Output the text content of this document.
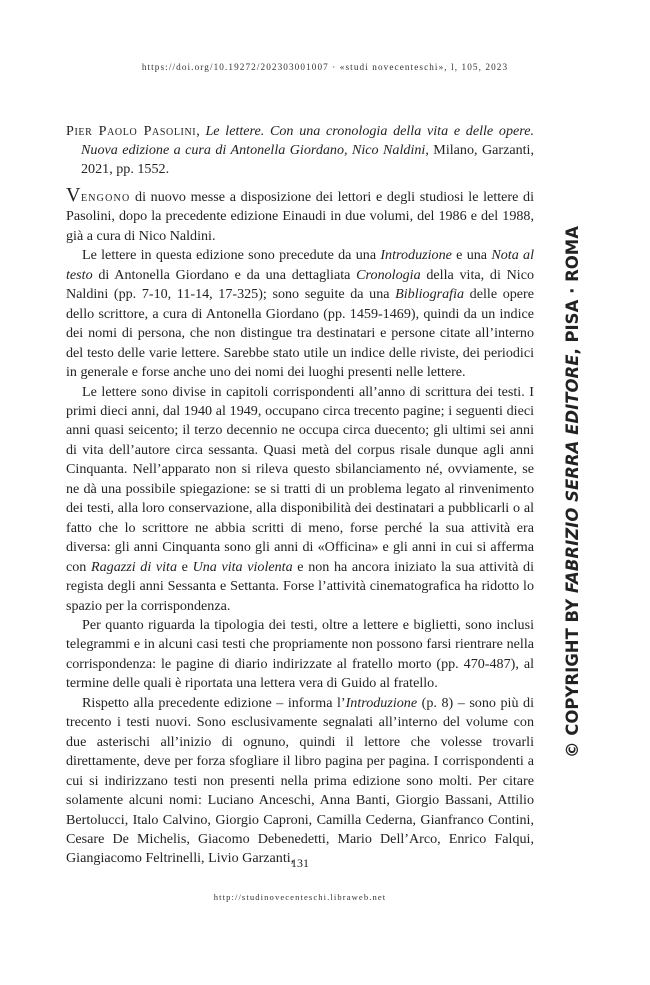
https://doi.org/10.19272/202303001007 · «studi novecenteschi», l, 105, 2023
Pier Paolo Pasolini, Le lettere. Con una cronologia della vita e delle opere. Nuova edizione a cura di Antonella Giordano, Nico Naldini, Milano, Garzanti, 2021, pp. 1552.

Vengono di nuovo messe a disposizione dei lettori e degli studiosi le lettere di Pasolini, dopo la precedente edizione Einaudi in due volumi, del 1986 e del 1988, già a cura di Nico Naldini.

Le lettere in questa edizione sono precedute da una Introduzione e una Nota al testo di Antonella Giordano e da una dettagliata Cronologia della vita, di Nico Naldini (pp. 7-10, 11-14, 17-325); sono seguite da una Bibliografia delle opere dello scrittore, a cura di Antonella Giordano (pp. 1459-1469), quindi da un indice dei nomi di persona, che non distingue tra destinatari e persone citate all’interno del testo delle varie lettere. Sarebbe stato utile un indice delle riviste, dei periodici in generale e forse anche uno dei nomi dei luoghi presenti nelle lettere.

Le lettere sono divise in capitoli corrispondenti all’anno di scrittura dei testi. I primi dieci anni, dal 1940 al 1949, occupano circa trecento pagine; i seguenti dieci anni quasi seicento; il terzo decennio ne occupa circa duecento; gli ultimi sei anni di vita dell’autore circa sessanta. Quasi metà del corpus risale dunque agli anni Cinquanta. Nell’apparato non si rileva questo sbilanciamento né, ovviamente, se ne dà una possibile spiegazione: se si tratti di un problema legato al rinvenimento dei testi, alla loro conservazione, alla disponibilità dei destinatari a pubblicarli o al fatto che lo scrittore ne abbia scritti di meno, forse perché la sua attività era diversa: gli anni Cinquanta sono gli anni di «Officina» e gli anni in cui si afferma con Ragazzi di vita e Una vita violenta e non ha ancora iniziato la sua attività di regista degli anni Sessanta e Settanta. Forse l’attività cinematografica ha ridotto lo spazio per la corrispondenza.

Per quanto riguarda la tipologia dei testi, oltre a lettere e biglietti, sono inclusi telegrammi e in alcuni casi testi che propriamente non possono farsi rientrare nella corrispondenza: le pagine di diario indirizzate al fratello morto (pp. 470-487), al termine delle quali è riportata una lettera vera di Guido al fratello.

Rispetto alla precedente edizione – informa l’Introduzione (p. 8) – sono più di trecento i testi nuovi. Sono esclusivamente segnalati all’interno del volume con due asterischi all’inizio di ognuno, quindi il lettore che volesse trovarli direttamente, deve per forza sfogliare il libro pagina per pagina. I corrispondenti a cui si indirizzano testi non presenti nella prima edizione sono molti. Per citare solamente alcuni nomi: Luciano Anceschi, Anna Banti, Giorgio Bassani, Attilio Bertolucci, Italo Calvino, Giorgio Caproni, Camilla Cederna, Gianfranco Contini, Cesare De Michelis, Giacomo Debenedetti, Mario Dell’Arco, Enrico Falqui, Giangiacomo Feltrinelli, Livio Garzanti,

131
http://studinovecenteschi.libraweb.net
© COPYRIGHT BY FABRIZIO SERRA EDITORE, PISA · ROMA
